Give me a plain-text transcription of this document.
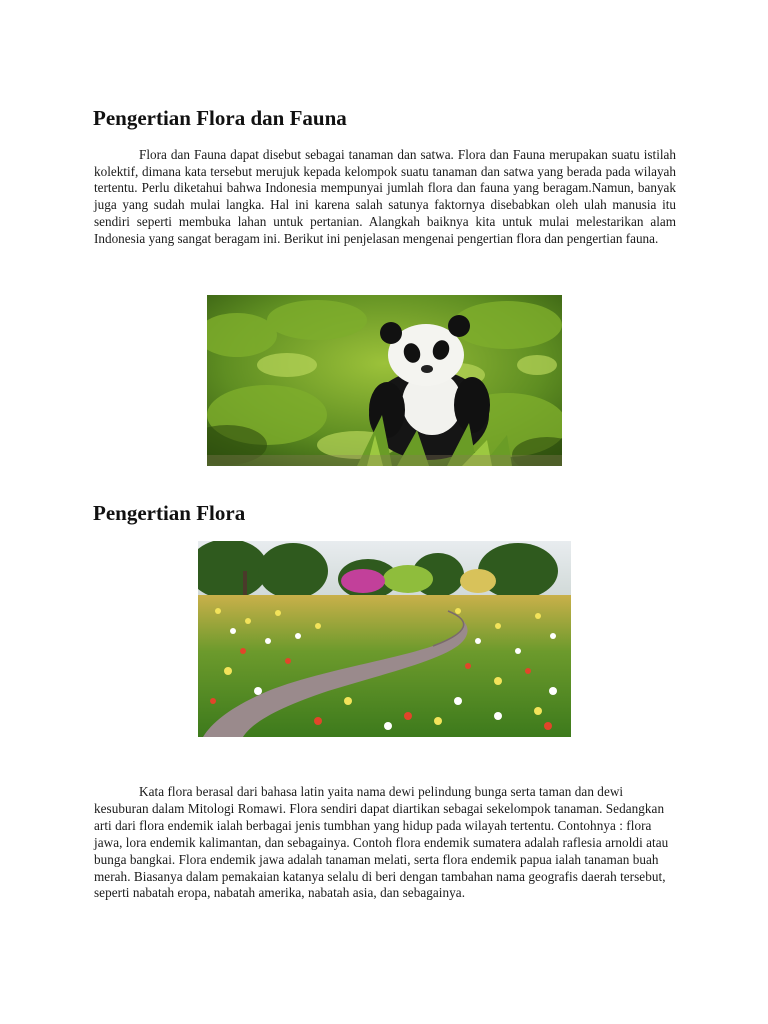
Pengertian Flora dan Fauna

Flora dan Fauna dapat disebut sebagai tanaman dan satwa. Flora dan Fauna merupakan suatu istilah kolektif, dimana kata tersebut merujuk kepada kelompok suatu tanaman dan satwa yang berada pada wilayah tertentu. Perlu diketahui bahwa Indonesia mempunyai jumlah flora dan fauna yang beragam.Namun, banyak juga yang sudah mulai langka. Hal ini karena salah satunya faktornya disebabkan oleh ulah manusia itu sendiri seperti membuka lahan untuk pertanian. Alangkah baiknya kita untuk mulai melestarikan alam Indonesia yang sangat beragam ini. Berikut ini penjelasan mengenai pengertian flora dan pengertian fauna.

Pengertian Flora

Kata flora berasal dari bahasa latin yaita nama dewi pelindung bunga serta taman dan dewi kesuburan dalam Mitologi Romawi. Flora sendiri dapat diartikan sebagai sekelompok tanaman. Sedangkan arti dari flora endemik ialah berbagai jenis tumbhan yang hidup pada wilayah tertentu. Contohnya : flora jawa, lora endemik kalimantan, dan sebagainya. Contoh flora endemik sumatera adalah raflesia arnoldi atau bunga bangkai. Flora endemik jawa adalah tanaman melati, serta flora endemik papua ialah tanaman buah merah. Biasanya dalam pemakaian katanya selalu di beri dengan tambahan nama geografis daerah tersebut, seperti nabatah eropa, nabatah amerika, nabatah asia, dan sebagainya.
